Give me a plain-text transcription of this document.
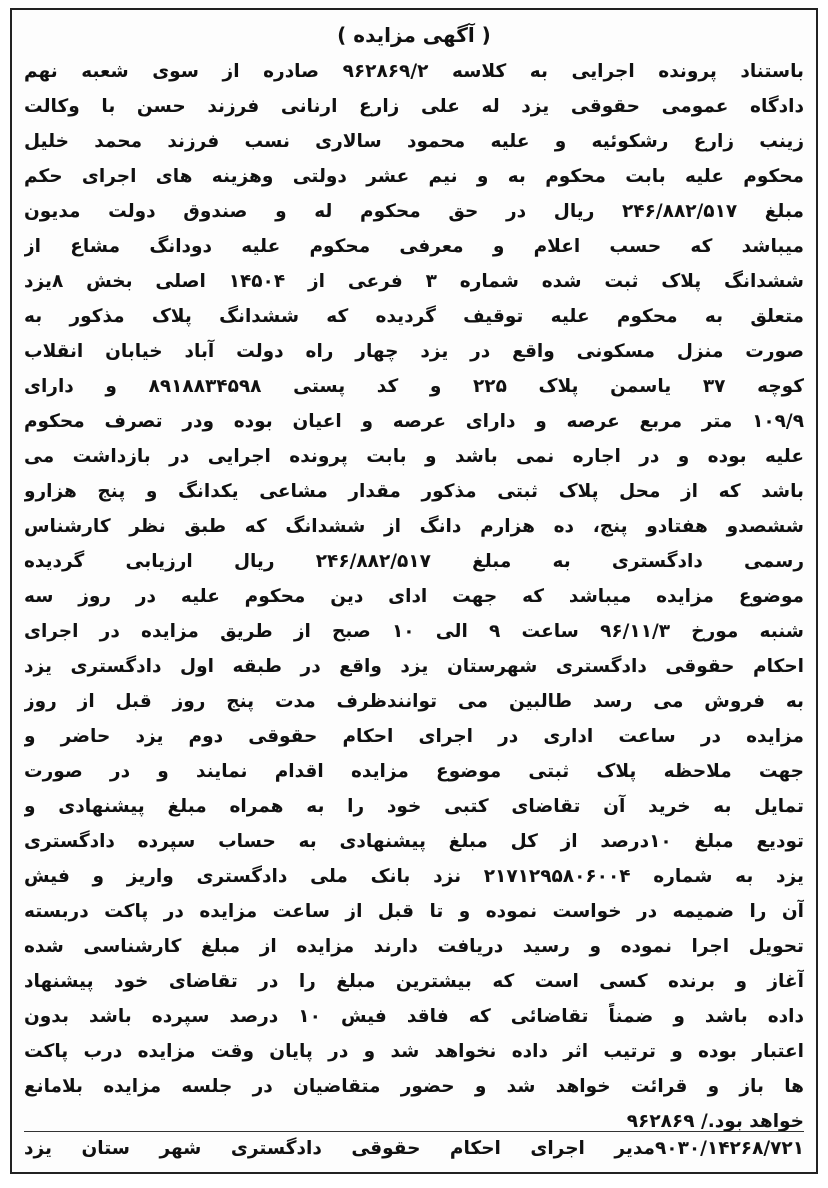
( آگهی مزایده )
باستناد پرونده اجرایی به کلاسه ۹۶۲۸۶۹/۲ صادره از سوی شعبه نهم
دادگاه عمومی حقوقی یزد له علی زارع ارنانی فرزند حسن با وکالت
زینب زارع رشکوئیه و علیه محمود سالاری نسب فرزند محمد خلیل
محکوم علیه بابت محکوم به و نیم عشر دولتی وهزینه های اجرای حکم
مبلغ ۲۴۶/۸۸۲/۵۱۷ ریال در حق محکوم له و صندوق دولت مدیون
میباشد که حسب اعلام و معرفی محکوم علیه دودانگ مشاع از
ششدانگ پلاک ثبت شده شماره ۳ فرعی از ۱۴۵۰۴ اصلی بخش ۸یزد
متعلق به محکوم علیه توقیف گردیده که ششدانگ پلاک مذکور به
صورت منزل مسکونی واقع در یزد چهار راه دولت آباد خیابان انقلاب
کوچه ۳۷ یاسمن پلاک ۲۲۵ و کد پستی ۸۹۱۸۸۳۴۵۹۸ و دارای
۱۰۹/۹ متر مربع عرصه و دارای عرصه و اعیان بوده ودر تصرف محکوم
علیه بوده و در اجاره نمی باشد و بابت پرونده اجرایی در بازداشت می
باشد که از محل پلاک ثبتی مذکور مقدار مشاعی یکدانگ و پنج هزارو
ششصدو هفتادو پنج، ده هزارم دانگ از ششدانگ که طبق نظر کارشناس
رسمی دادگستری به مبلغ ۲۴۶/۸۸۲/۵۱۷ ریال ارزیابی گردیده
موضوع مزایده میباشد که جهت ادای دین محکوم علیه در روز سه
شنبه مورخ ۹۶/۱۱/۳ ساعت ۹ الی ۱۰ صبح از طریق مزایده در اجرای
احکام حقوقی دادگستری شهرستان یزد واقع در طبقه اول دادگستری یزد
به فروش می رسد طالبین می توانندظرف مدت پنج روز قبل از روز
مزایده در ساعت اداری در اجرای احکام حقوقی دوم یزد حاضر و
جهت ملاحظه پلاک ثبتی موضوع مزایده اقدام نمایند و در صورت
تمایل به خرید آن تقاضای کتبی خود را به همراه مبلغ پیشنهادی و
توديع مبلغ ۱۰درصد از کل مبلغ پیشنهادی به حساب سپرده دادگستری
یزد به شماره ۲۱۷۱۲۹۵۸۰۶۰۰۴ نزد بانک ملی دادگستری واریز و فیش
آن را ضمیمه در خواست نموده و تا قبل از ساعت مزایده در پاکت دربسته
تحویل اجرا نموده و رسید دریافت دارند مزایده از مبلغ کارشناسی شده
آغاز و برنده کسی است که بیشترین مبلغ را در تقاضای خود پیشنهاد
داده باشد و ضمناً تقاضائی که فاقد فیش ۱۰ درصد سپرده باشد بدون
اعتبار بوده و ترتیب اثر داده نخواهد شد و در پایان وقت مزایده درب پاکت
ها باز و قرائت خواهد شد و حضور متقاضیان در جلسه مزایده بلامانع
خواهد بود./ ۹۶۲۸۶۹
۹۰۳۰/۱۴۲۶۸/۷۲۱مدیر اجرای احکام حقوقی دادگستری شهر ستان یزد
